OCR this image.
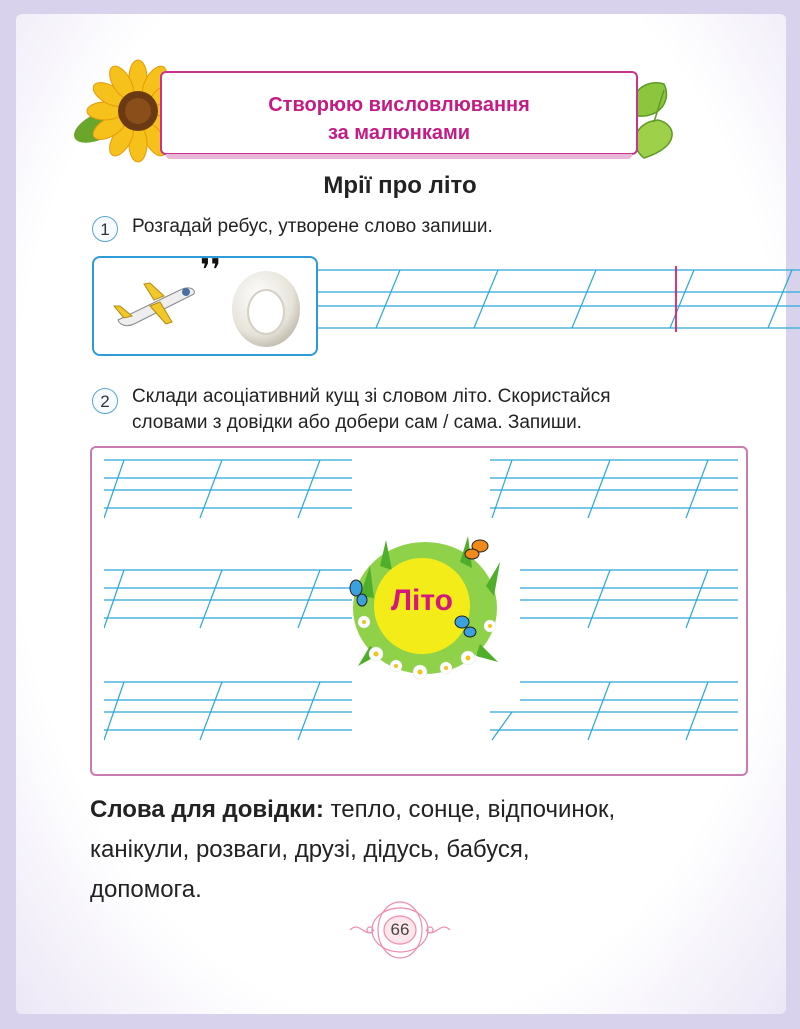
Створюю висловлювання
за малюнками
Мрії про літо
1	Розгадай ребус, утворене слово запиши.
❜❜
2	Склади асоціативний кущ зі словом літо. Скористайся
словами з довідки або добери сам / сама. Запиши.
Літо
Слова для довідки: тепло, сонце, відпочинок,
канікули, розваги, друзі, дідусь, бабуся,
допомога.
66
